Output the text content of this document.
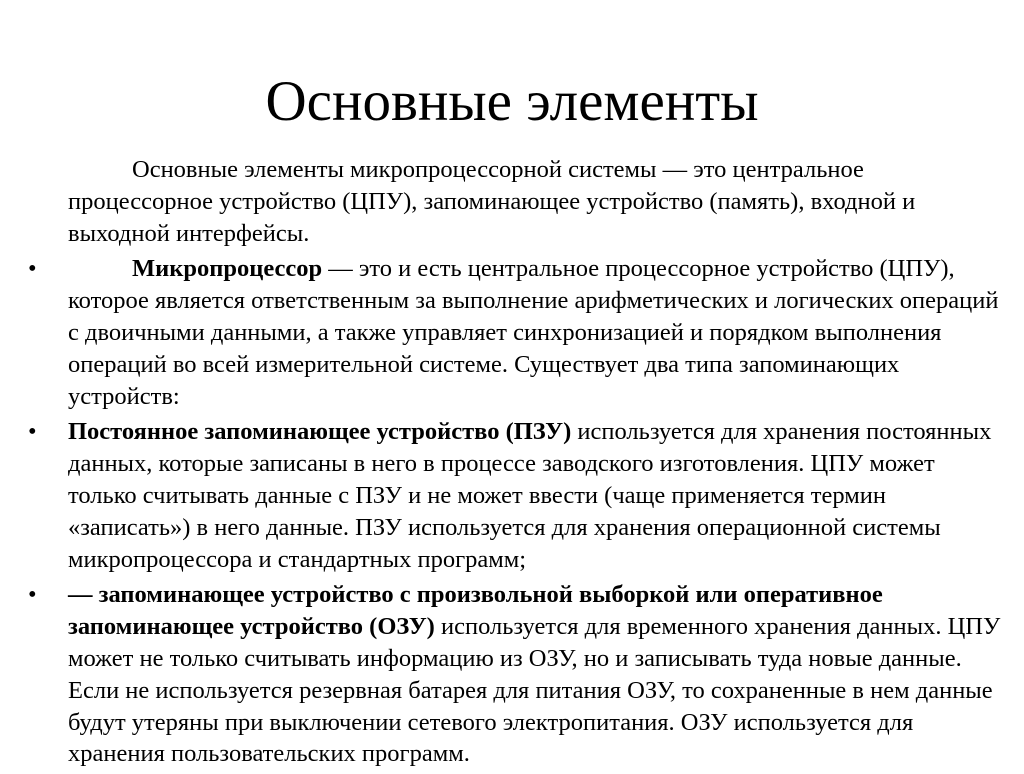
Основные элементы

Основные элементы микропроцессорной системы — это центральное процессорное устройство (ЦПУ), запоминающее устройство (память), входной и выходной интерфейсы.

•	Микропроцессор — это и есть центральное процессорное устройство (ЦПУ), которое является ответственным за выполнение арифметических и логических операций с двоичными данными, а также управляет синхронизацией и порядком выполнения операций во всей измерительной системе. Существует два типа запоминающих устройств:

•	Постоянное запоминающее устройство (ПЗУ) используется для хранения постоянных данных, которые записаны в него в процессе заводского изготовления. ЦПУ может только считывать данные с ПЗУ и не может ввести (чаще применяется термин «записать») в него данные. ПЗУ используется для хранения операционной системы микропроцессора и стандартных программ;

•	— запоминающее устройство с произвольной выборкой или оперативное запоминающее устройство (ОЗУ) используется для временного хранения данных. ЦПУ может не только считывать информацию из ОЗУ, но и записывать туда новые данные. Если не используется резервная батарея для питания ОЗУ, то сохраненные в нем данные будут утеряны при выключении сетевого электропитания. ОЗУ используется для хранения пользовательских программ.
